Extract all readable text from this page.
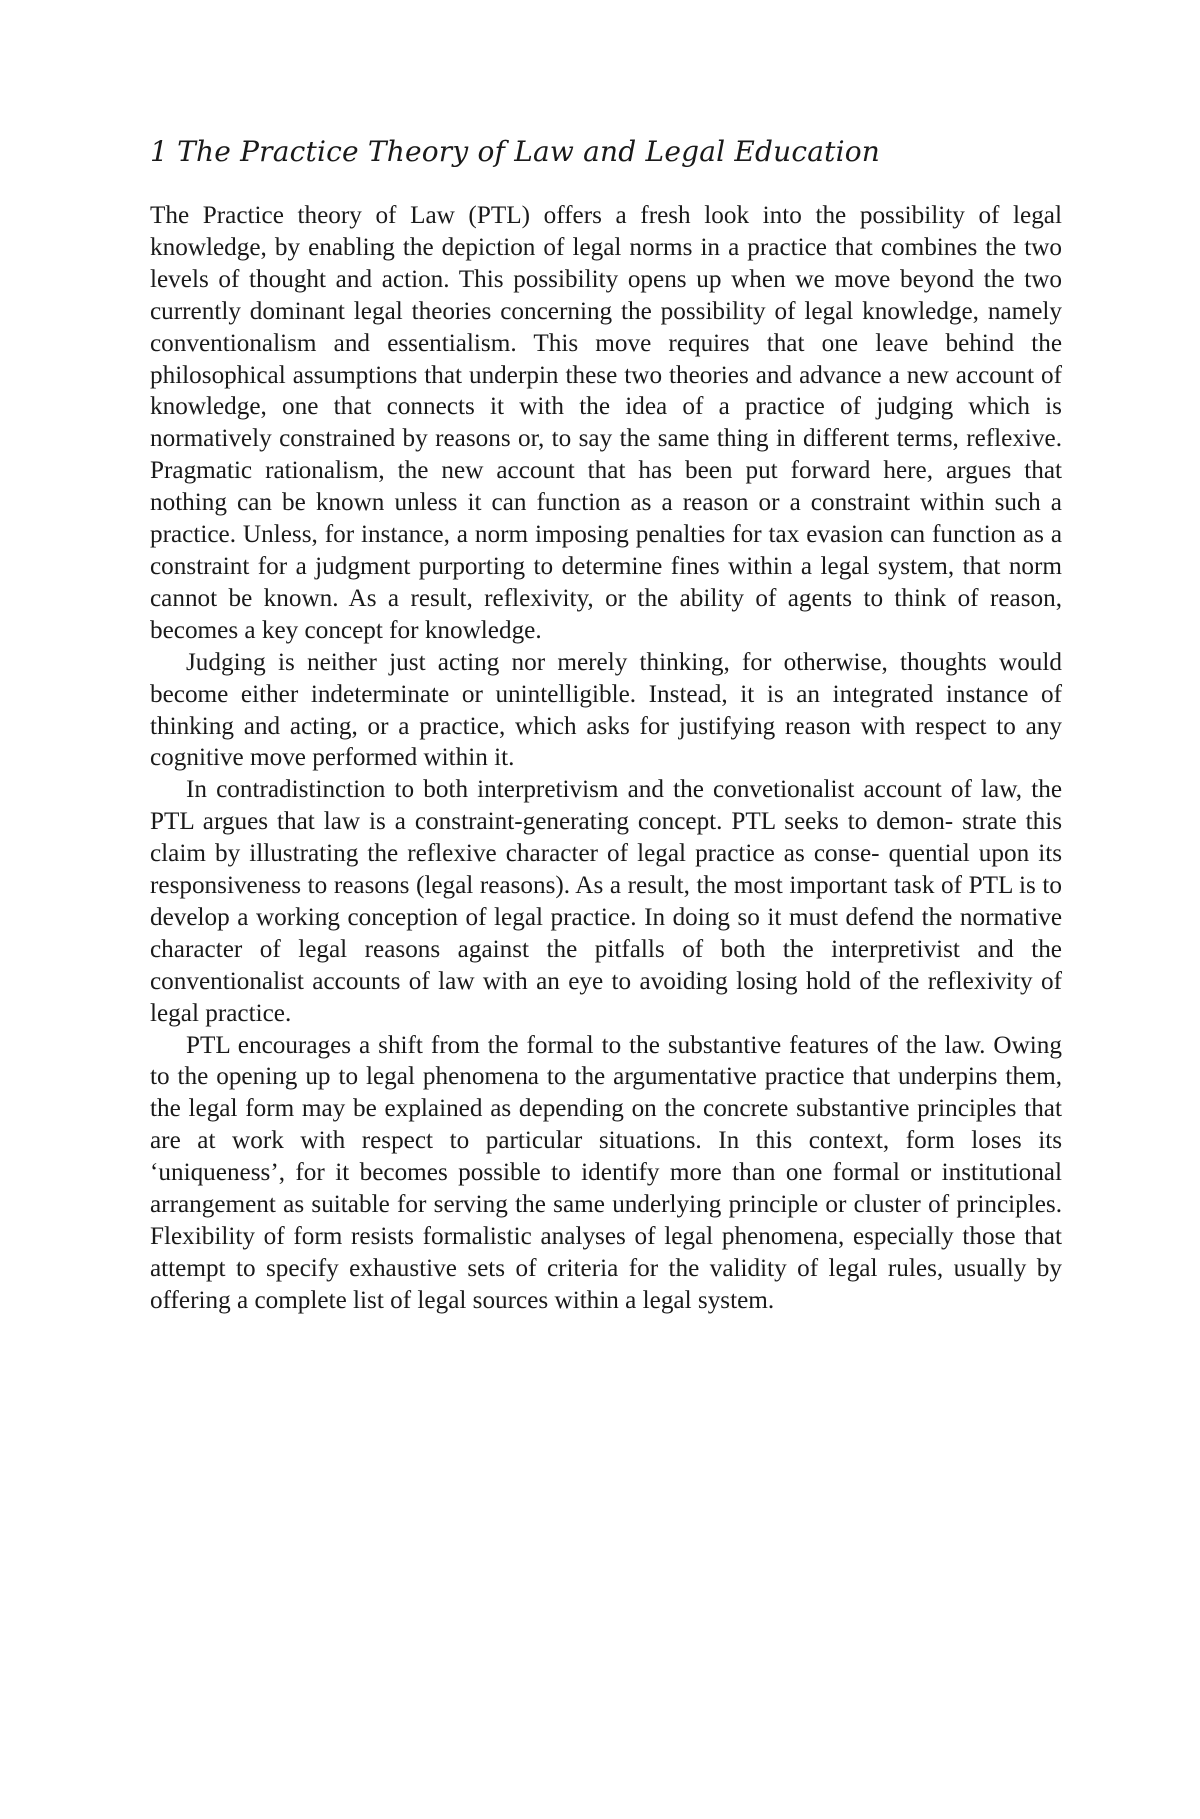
1 The Practice Theory of Law and Legal Education

The Practice theory of Law (PTL) offers a fresh look into the possibility of legal knowledge, by enabling the depiction of legal norms in a practice that combines the two levels of thought and action. This possibility opens up when we move beyond the two currently dominant legal theories concerning the possibility of legal knowledge, namely conventionalism and essentialism. This move requires that one leave behind the philosophical assumptions that underpin these two theories and advance a new account of knowledge, one that connects it with the idea of a practice of judging which is normatively constrained by reasons or, to say the same thing in different terms, reflexive. Pragmatic rationalism, the new account that has been put forward here, argues that nothing can be known unless it can function as a reason or a constraint within such a practice. Unless, for instance, a norm imposing penalties for tax evasion can function as a constraint for a judgment purporting to determine fines within a legal system, that norm cannot be known. As a result, reflexivity, or the ability of agents to think of reason, becomes a key concept for knowledge.

Judging is neither just acting nor merely thinking, for otherwise, thoughts would become either indeterminate or unintelligible. Instead, it is an integrated instance of thinking and acting, or a practice, which asks for justifying reason with respect to any cognitive move performed within it.

In contradistinction to both interpretivism and the convetionalist account of law, the PTL argues that law is a constraint-generating concept. PTL seeks to demon- strate this claim by illustrating the reflexive character of legal practice as conse- quential upon its responsiveness to reasons (legal reasons). As a result, the most important task of PTL is to develop a working conception of legal practice. In doing so it must defend the normative character of legal reasons against the pitfalls of both the interpretivist and the conventionalist accounts of law with an eye to avoiding losing hold of the reflexivity of legal practice.

PTL encourages a shift from the formal to the substantive features of the law. Owing to the opening up to legal phenomena to the argumentative practice that underpins them, the legal form may be explained as depending on the concrete substantive principles that are at work with respect to particular situations. In this context, form loses its ‘uniqueness’, for it becomes possible to identify more than one formal or institutional arrangement as suitable for serving the same underlying principle or cluster of principles. Flexibility of form resists formalistic analyses of legal phenomena, especially those that attempt to specify exhaustive sets of criteria for the validity of legal rules, usually by offering a complete list of legal sources within a legal system.
